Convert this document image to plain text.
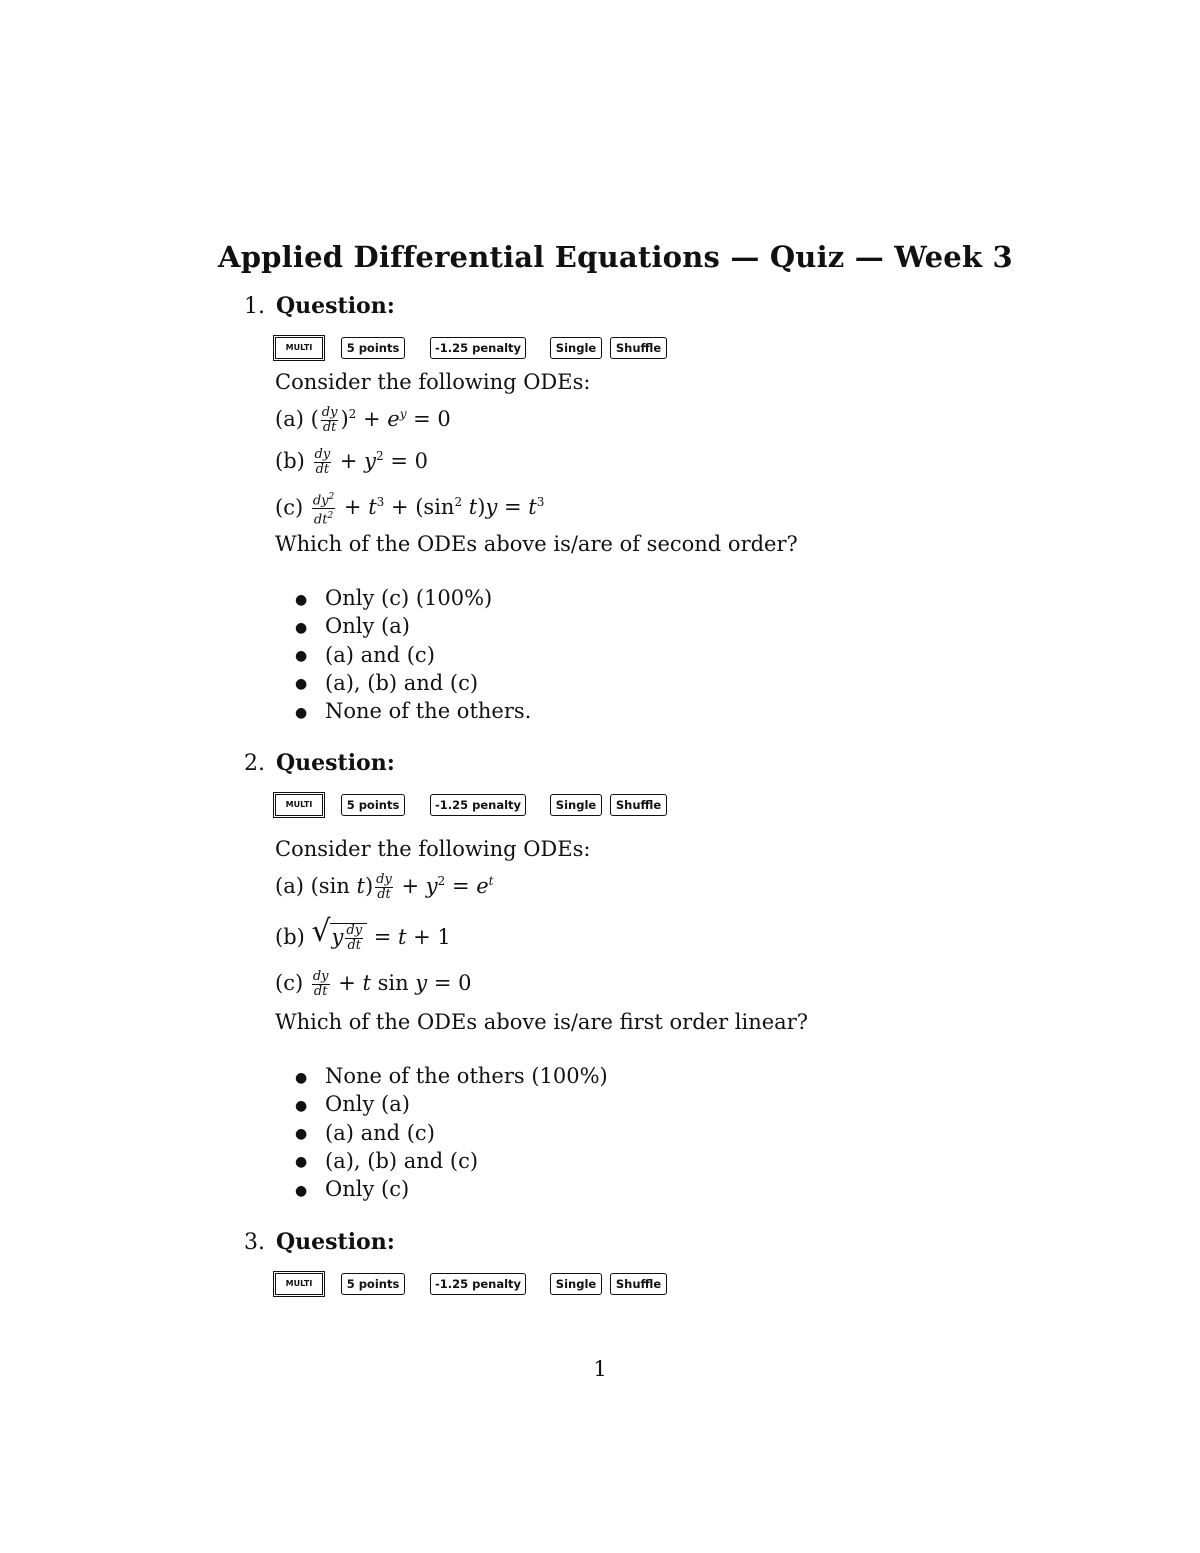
Applied Differential Equations — Quiz — Week 3
1. Question:
MULTI	5 points	-1.25 penalty	Single	Shuffle
Consider the following ODEs:
(a) ( $\frac{dy}{dt} )^2 + e^y = 0$
$(b) \frac{dy}{dt} + y^2 = 0$
$(c) \frac{dy^2}{dt^2} + t^3 + (\sin^2$ $t)y = t^3$
Which of the ODEs above is/are of second order?
● Only (c) (100%)
● Only (a)
● (a) and (c)
● (a), (b) and (c)
● None of the others.
2. Question:
MULTI	5 points	-1.25 penalty	Single	Shuffle
Consider the following ODEs:
(a) (sin $t) \frac{dy}{dt} + y^2 = e^t$
(b) √ y $\frac{dy}{dt} = t + 1$
$(c) \frac{dy}{dt} + t$ sin y = 0
Which of the ODEs above is/are first order linear?
● None of the others (100%)
● Only (a)
● (a) and (c)
● (a), (b) and (c)
● Only (c)
3. Question:
MULTI	5 points	-1.25 penalty	Single	Shuffle
1
